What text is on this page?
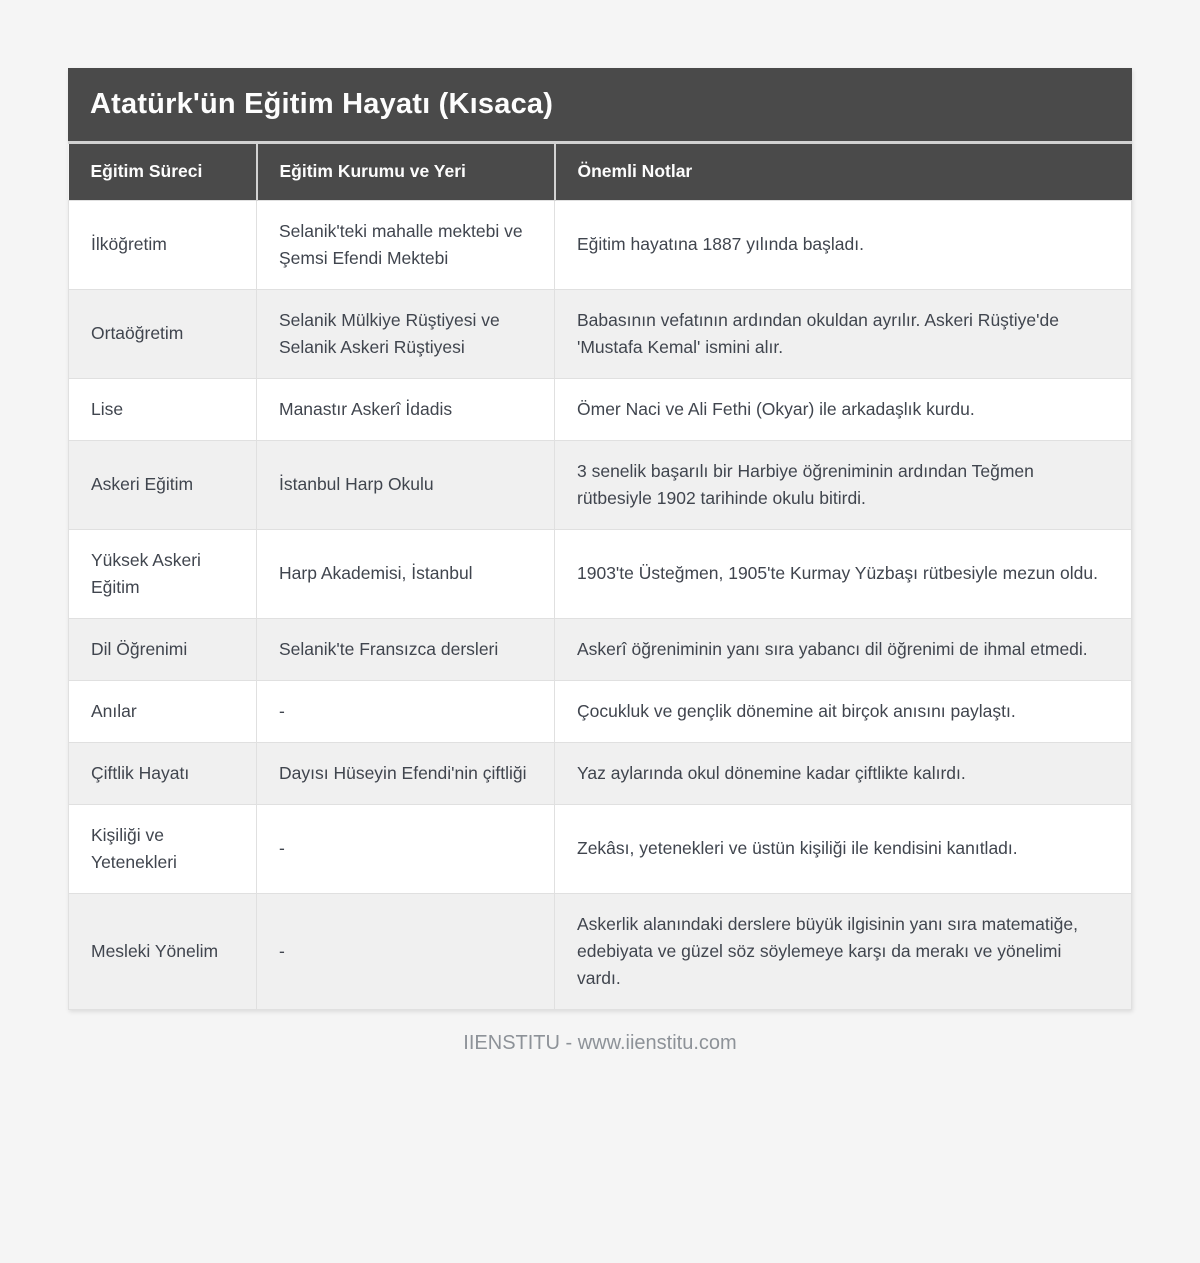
Atatürk'ün Eğitim Hayatı (Kısaca)
Eğitim Süreci	Eğitim Kurumu ve Yeri	Önemli Notlar
İlköğretim	Selanik'teki mahalle mektebi ve Şemsi Efendi Mektebi	Eğitim hayatına 1887 yılında başladı.
Ortaöğretim	Selanik Mülkiye Rüştiyesi ve Selanik Askeri Rüştiyesi	Babasının vefatının ardından okuldan ayrılır. Askeri Rüştiye'de 'Mustafa Kemal' ismini alır.
Lise	Manastır Askerî İdadis	Ömer Naci ve Ali Fethi (Okyar) ile arkadaşlık kurdu.
Askeri Eğitim	İstanbul Harp Okulu	3 senelik başarılı bir Harbiye öğreniminin ardından Teğmen rütbesiyle 1902 tarihinde okulu bitirdi.
Yüksek Askeri Eğitim	Harp Akademisi, İstanbul	1903'te Üsteğmen, 1905'te Kurmay Yüzbaşı rütbesiyle mezun oldu.
Dil Öğrenimi	Selanik'te Fransızca dersleri	Askerî öğreniminin yanı sıra yabancı dil öğrenimi de ihmal etmedi.
Anılar	-	Çocukluk ve gençlik dönemine ait birçok anısını paylaştı.
Çiftlik Hayatı	Dayısı Hüseyin Efendi'nin çiftliği	Yaz aylarında okul dönemine kadar çiftlikte kalırdı.
Kişiliği ve Yetenekleri	-	Zekâsı, yetenekleri ve üstün kişiliği ile kendisini kanıtladı.
Mesleki Yönelim	-	Askerlik alanındaki derslere büyük ilgisinin yanı sıra matematiğe, edebiyata ve güzel söz söylemeye karşı da merakı ve yönelimi vardı.
IIENSTITU - www.iienstitu.com
